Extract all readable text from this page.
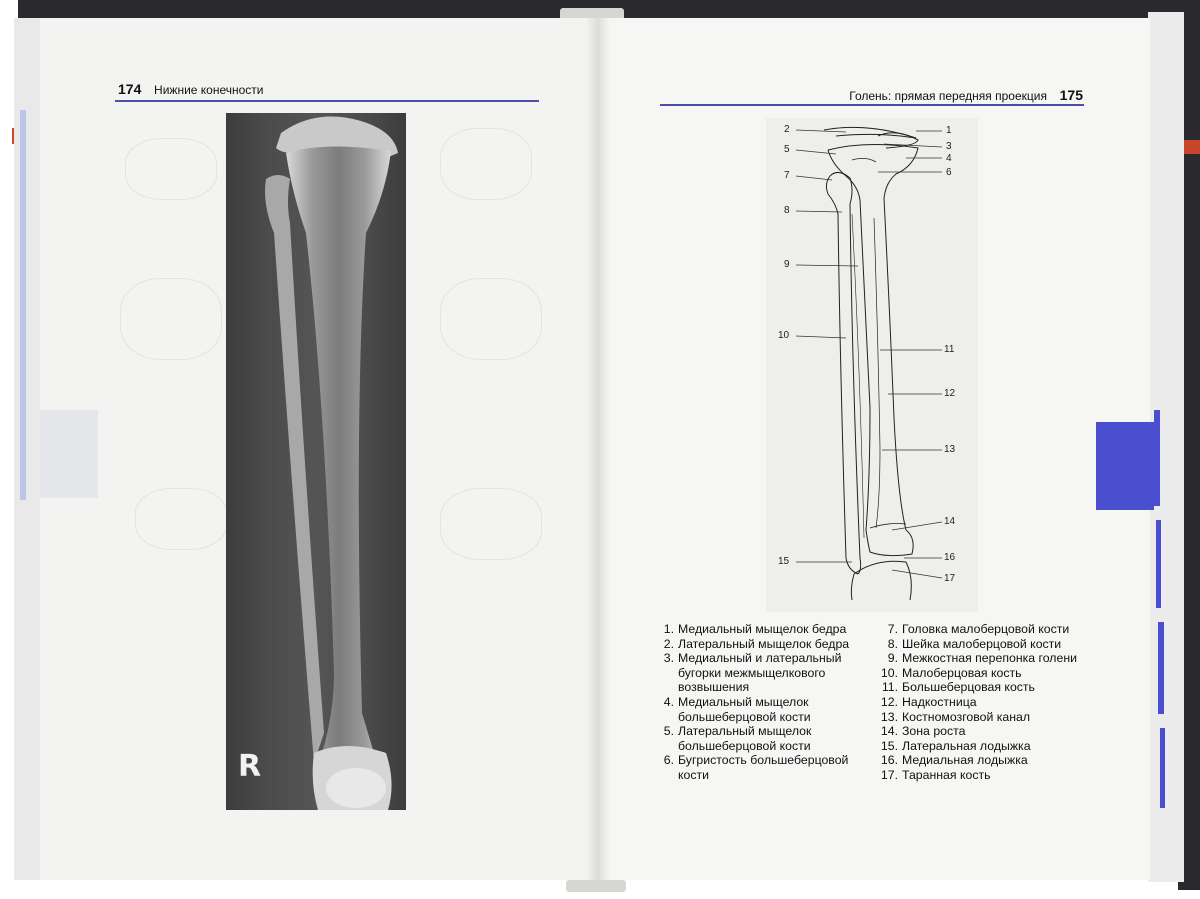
174 Нижние конечности
R
Голень: прямая передняя проекция 175
1
2
3
4
5
6
7
8
9
10
11
12
13
14
15	16
17
1. Медиальный мыщелок бедра
2. Латеральный мыщелок бедра
3. Медиальный и латеральный бугорки межмыщелкового возвышения
4. Медиальный мыщелок большеберцовой кости
5. Латеральный мыщелок большеберцовой кости
6. Бугристость большеберцовой кости
7. Головка малоберцовой кости
8. Шейка малоберцовой кости
9. Межкостная перепонка голени
10. Малоберцовая кость
11. Большеберцовая кость
12. Надкостница
13. Костномозговой канал
14. Зона роста
15. Латеральная лодыжка
16. Медиальная лодыжка
17. Таранная кость
